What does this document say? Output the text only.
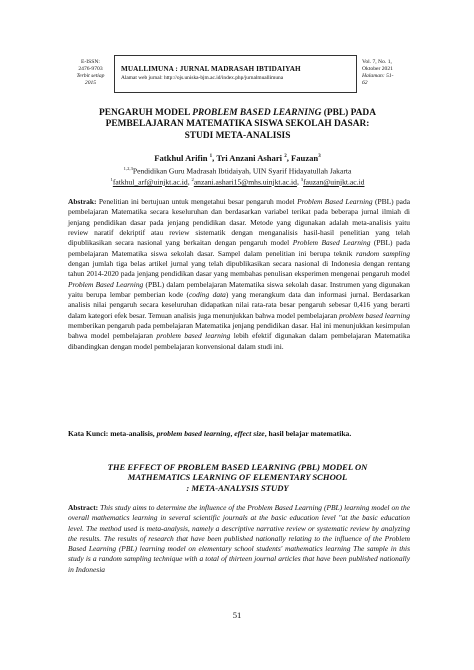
E-ISSN:
2476-9703
Terbit setiap
2015
MUALLIMUNA : JURNAL MADRASAH IBTIDAIYAH
Alamat web jurnal: http://ojs.uniska-bjm.ac.id/index.php/jurnalmuallimuna
Vol. 7, No. 1,
Oktober 2021
Halaman: 51-
62
PENGARUH MODEL PROBLEM BASED LEARNING (PBL) PADA
PEMBELAJARAN MATEMATIKA SISWA SEKOLAH DASAR:
STUDI META-ANALISIS
Fatkhul Arifin $^1$, Tri Anzani Ashari $^2$, Fauzan$^3$
$^{1,2,3}$Pendidikan Guru Madrasah Ibtidaiyah, UIN Syarif Hidayatullah Jakarta
$^1$fatkhul_arf@uinjkt.ac.id, $^2$anzani.ashari15@mhs.uinjkt.ac.id, $^3$fauzan@uinjkt.ac.id
Abstrak: Penelitian ini bertujuan untuk mengetahui besar pengaruh model Problem Based Learning (PBL) pada pembelajaran Matematika secara keseluruhan dan berdasarkan variabel terikat pada beberapa jurnal ilmiah di jenjang pendidikan dasar pada jenjang pendidikan dasar. Metode yang digunakan adalah meta-analisis yaitu review naratif dekriptif atau review sistematik dengan menganalisis hasil-hasil penelitian yang telah dipublikasikan secara nasional yang berkaitan dengan pengaruh model Problem Based Learning (PBL) pada pembelajaran Matematika siswa sekolah dasar. Sampel dalam penelitian ini berupa teknik random sampling dengan jumlah tiga belas artikel jurnal yang telah dipublikasikan secara nasional di Indonesia dengan rentang tahun 2014-2020 pada jenjang pendidikan dasar yang membahas penulisan eksperimen mengenai pengaruh model Problem Based Learning (PBL) dalam pembelajaran Matematika siswa sekolah dasar. Instrumen yang digunakan yaitu berupa lembar pemberian kode (coding data) yang merangkum data dan informasi jurnal. Berdasarkan analisis nilai pengaruh secara keseluruhan didapatkan nilai rata-rata besar pengaruh sebesar 0,416 yang berarti dalam kategori efek besar. Temuan analisis juga menunjukkan bahwa model pembelajaran problem based learning memberikan pengaruh pada pembelajaran Matematika jenjang pendidikan dasar. Hal ini menunjukkan kesimpulan bahwa model pembelajaran problem based learning lebih efektif digunakan dalam pembelajaran Matematika dibandingkan dengan model pembelajaran konvensional dalam studi ini.
Kata Kunci: meta-analisis, problem based learning, effect size, hasil belajar matematika.
THE EFFECT OF PROBLEM BASED LEARNING (PBL) MODEL ON
MATHEMATICS LEARNING OF ELEMENTARY SCHOOL
: META-ANALYSIS STUDY
Abstract: This study aims to determine the influence of the Problem Based Learning (PBL) learning model on the overall mathematics learning in several scientific journals at the basic education level "at the basic education level. The method used is meta-analysis, namely a descriptive narrative review or systematic review by analyzing the results. The results of research that have been published nationally relating to the influence of the Problem Based Learning (PBL) learning model on elementary school students' mathematics learning The sample in this study is a random sampling technique with a total of thirteen journal articles that have been published nationally in Indonesia
51
